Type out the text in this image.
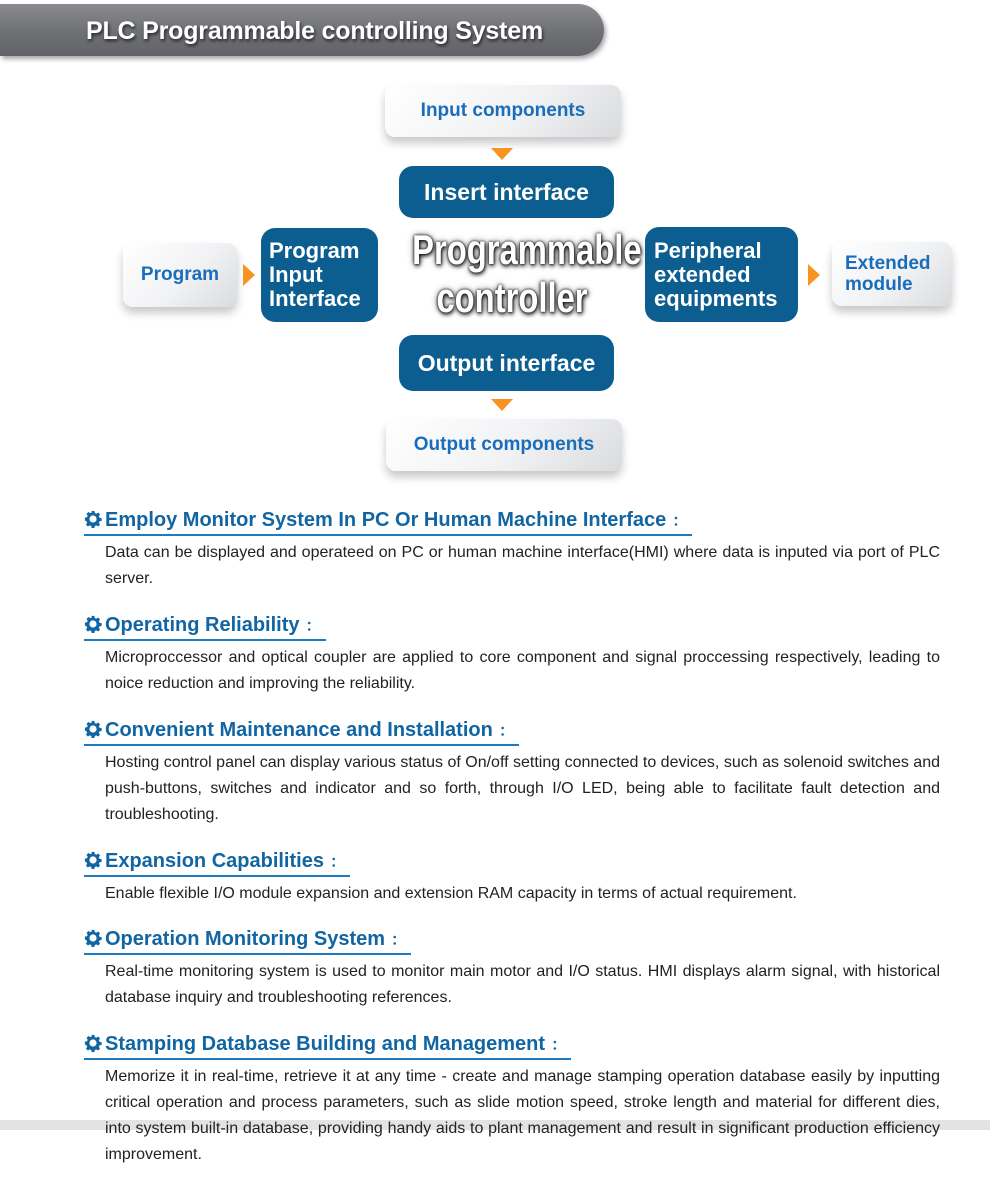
PLC Programmable controlling System
Input components
Insert interface
Program
Program
Input
Interface
Programmable
controller
Peripheral
extended
equipments
Extended
module
Output interface
Output components
Employ Monitor System In PC Or Human Machine Interface ：
Data can be displayed and operateed on PC or human machine interface(HMI) where data is inputed via port of PLC server.
Operating Reliability ：
Microproccessor and optical coupler are applied to core component and signal proccessing respectively, leading to noice reduction and improving the reliability.
Convenient Maintenance and Installation ：
Hosting control panel can display various status of On/off setting connected to devices, such as solenoid switches and push-buttons, switches and indicator and so forth, through I/O LED, being able to facilitate fault detection and troubleshooting.
Expansion Capabilities ：
Enable flexible I/O module expansion and extension RAM capacity in terms of actual requirement.
Operation Monitoring System ：
Real-time monitoring system is used to monitor main motor and I/O status. HMI displays alarm signal, with historical database inquiry and troubleshooting references.
Stamping Database Building and Management ：
Memorize it in real-time, retrieve it at any time - create and manage stamping operation database easily by inputting critical operation and process parameters, such as slide motion speed, stroke length and material for different dies, into system built-in database, providing handy aids to plant management and result in significant production efficiency improvement.
